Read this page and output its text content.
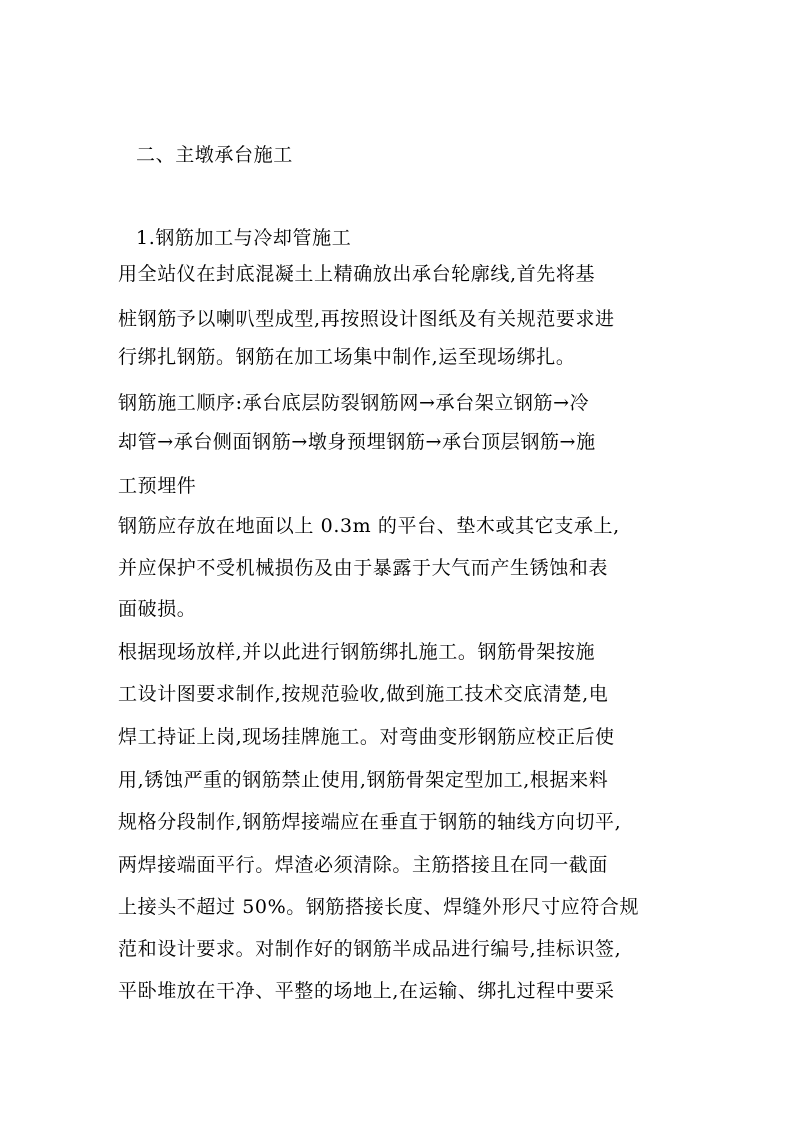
二、主墩承台施工

1.钢筋加工与冷却管施工

用全站仪在封底混凝土上精确放出承台轮廓线,首先将基

桩钢筋予以喇叭型成型,再按照设计图纸及有关规范要求进

行绑扎钢筋。钢筋在加工场集中制作,运至现场绑扎。

钢筋施工顺序:承台底层防裂钢筋网→承台架立钢筋→冷

却管→承台侧面钢筋→墩身预埋钢筋→承台顶层钢筋→施

工预埋件

钢筋应存放在地面以上 0.3m 的平台、垫木或其它支承上,

并应保护不受机械损伤及由于暴露于大气而产生锈蚀和表

面破损。

根据现场放样,并以此进行钢筋绑扎施工。钢筋骨架按施

工设计图要求制作,按规范验收,做到施工技术交底清楚,电

焊工持证上岗,现场挂牌施工。对弯曲变形钢筋应校正后使

用,锈蚀严重的钢筋禁止使用,钢筋骨架定型加工,根据来料

规格分段制作,钢筋焊接端应在垂直于钢筋的轴线方向切平,

两焊接端面平行。焊渣必须清除。主筋搭接且在同一截面

上接头不超过 50%。钢筋搭接长度、焊缝外形尺寸应符合规

范和设计要求。对制作好的钢筋半成品进行编号,挂标识签,

平卧堆放在干净、平整的场地上,在运输、绑扎过程中要采
